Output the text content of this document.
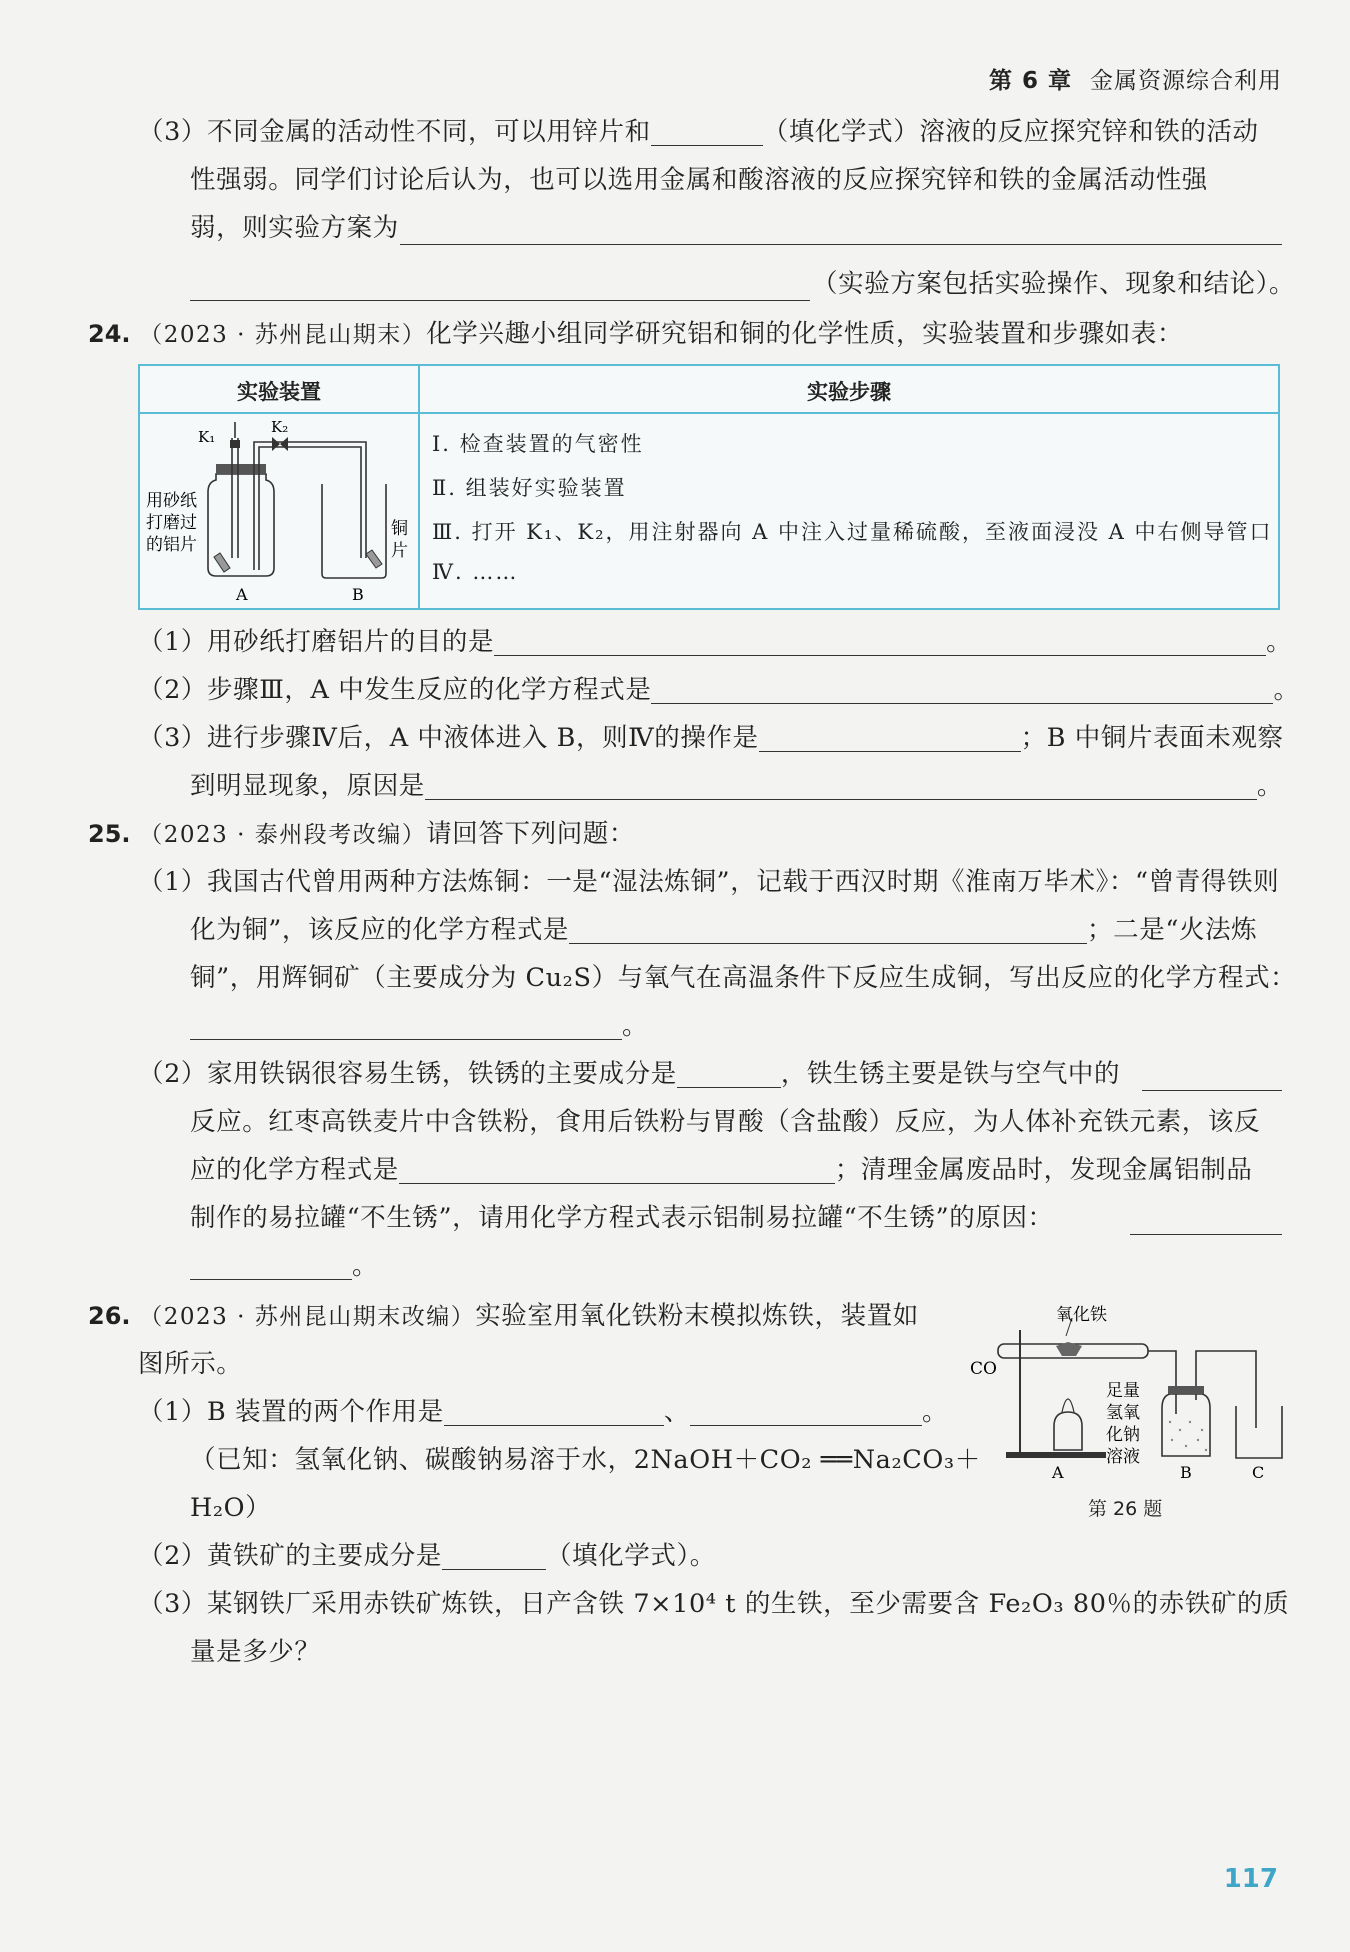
第 6 章 金属资源综合利用
（3）不同金属的活动性不同，可以用锌片和	（填化学式）溶液的反应探究锌和铁的活动
性强弱。同学们讨论后认为，也可以选用金属和酸溶液的反应探究锌和铁的金属活动性强
弱，则实验方案为
（实验方案包括实验操作、现象和结论）。
24. （2023 · 苏州昆山期末）化学兴趣小组同学研究铝和铜的化学性质，实验装置和步骤如表：
实验装置	实验步骤
K₁
K₂
用砂纸
打磨过
的铝片
铜
片
A	B
Ⅰ. 检查装置的气密性
Ⅱ. 组装好实验装置
Ⅲ. 打开 K₁、K₂，用注射器向 A 中注入过量稀硫酸，至液面浸没 A 中右侧导管口
Ⅳ. ……
（1）用砂纸打磨铝片的目的是	。
（2）步骤Ⅲ，A 中发生反应的化学方程式是	。
（3）进行步骤Ⅳ后，A 中液体进入 B，则Ⅳ的操作是	；B 中铜片表面未观察
到明显现象，原因是	。
25. （2023 · 泰州段考改编）请回答下列问题：
（1）我国古代曾用两种方法炼铜：一是“湿法炼铜”，记载于西汉时期《淮南万毕术》：“曾青得铁则
化为铜”，该反应的化学方程式是	；二是“火法炼
铜”，用辉铜矿（主要成分为 Cu₂S）与氧气在高温条件下反应生成铜，写出反应的化学方程式：
。
（2）家用铁锅很容易生锈，铁锈的主要成分是	，铁生锈主要是铁与空气中的
反应。红枣高铁麦片中含铁粉，食用后铁粉与胃酸（含盐酸）反应，为人体补充铁元素，该反
应的化学方程式是	；清理金属废品时，发现金属铝制品
制作的易拉罐“不生锈”，请用化学方程式表示铝制易拉罐“不生锈”的原因：
。
26. （2023 · 苏州昆山期末改编）实验室用氧化铁粉末模拟炼铁，装置如
图所示。
（1）B 装置的两个作用是	、	。
（已知：氢氧化钠、碳酸钠易溶于水，2NaOH＋CO₂ ══Na₂CO₃＋
H₂O）
（2）黄铁矿的主要成分是	（填化学式）。
（3）某钢铁厂采用赤铁矿炼铁，日产含铁 7×10⁴ t 的生铁，至少需要含 Fe₂O₃ 80％的赤铁矿的质
量是多少？
CO
氧化铁
足量
氢氧
化钠
溶液
A	B	C
第 26 题
117
